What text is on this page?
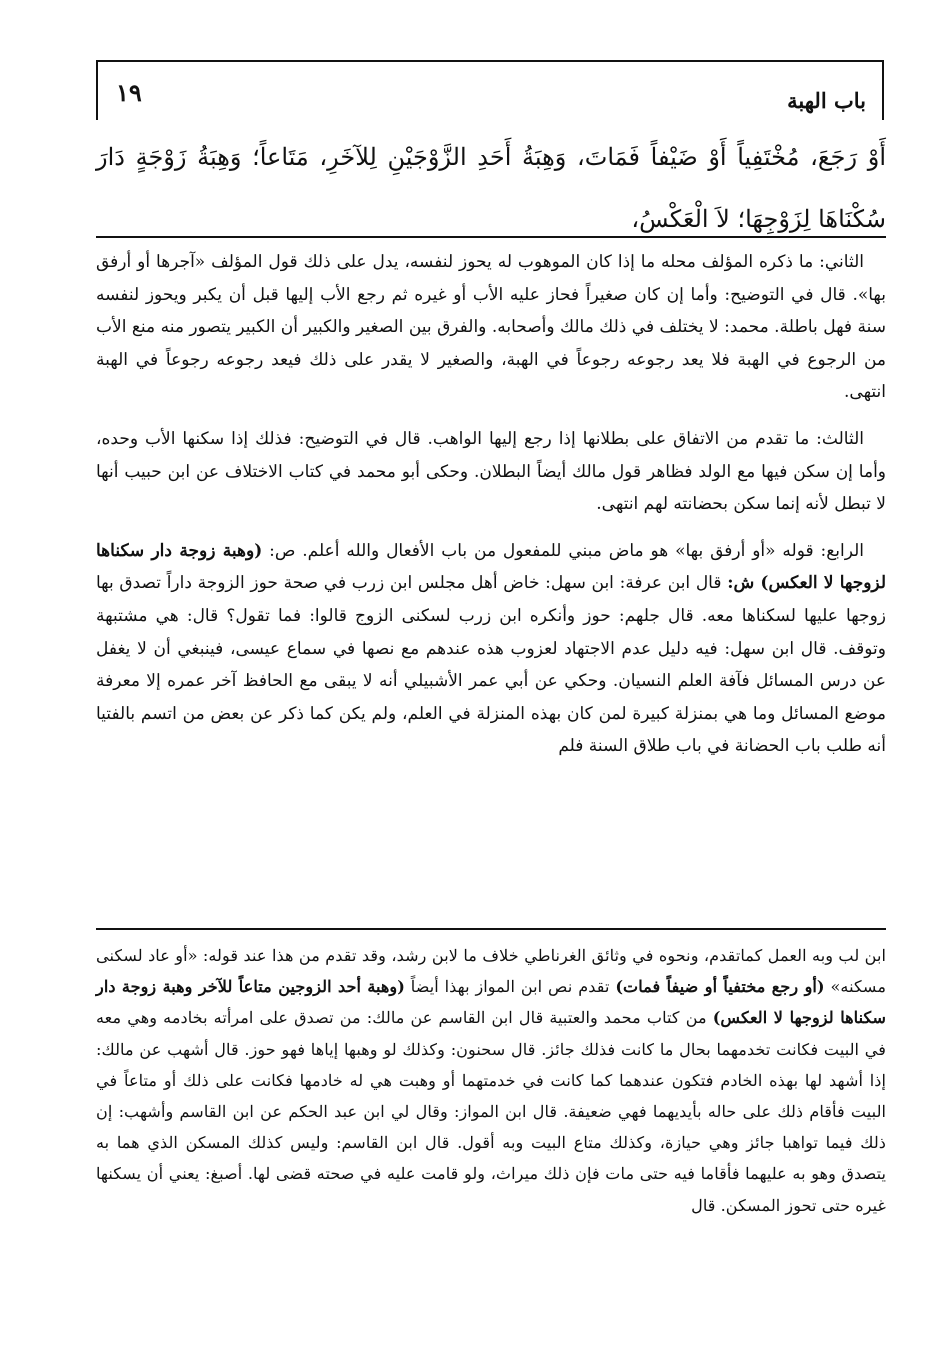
باب الهبة
١٩
أَوْ رَجَعَ، مُخْتَفِياً أَوْ ضَيْفاً فَمَاتَ، وَهِبَةُ أَحَدِ الزَّوْجَيْنِ لِلآخَرِ، مَتَاعاً؛ وَهِبَةُ زَوْجَةٍ دَارَ سُكْنَاهَا لِزَوْجِهَا؛ لاَ الْعَكْسُ،

الثاني: ما ذكره المؤلف محله ما إذا كان الموهوب له يحوز لنفسه، يدل على ذلك قول المؤلف «آجرها أو أرفق بها». قال في التوضيح: وأما إن كان صغيراً فحاز عليه الأب أو غيره ثم رجع الأب إليها قبل أن يكبر ويحوز لنفسه سنة فهل باطلة. محمد: لا يختلف في ذلك مالك وأصحابه. والفرق بين الصغير والكبير أن الكبير يتصور منه منع الأب من الرجوع في الهبة فلا يعد رجوعه رجوعاً في الهبة، والصغير لا يقدر على ذلك فيعد رجوعه رجوعاً في الهبة انتهى.

الثالث: ما تقدم من الاتفاق على بطلانها إذا رجع إليها الواهب. قال في التوضيح: فذلك إذا سكنها الأب وحده، وأما إن سكن فيها مع الولد فظاهر قول مالك أيضاً البطلان. وحكى أبو محمد في كتاب الاختلاف عن ابن حبيب أنها لا تبطل لأنه إنما سكن بحضانته لهم انتهى.

الرابع: قوله «أو أرفق بها» هو ماض مبني للمفعول من باب الأفعال والله أعلم. ص: (وهبة زوجة دار سكناها لزوجها لا العكس) ش: قال ابن عرفة: ابن سهل: خاض أهل مجلس ابن زرب في صحة حوز الزوجة داراً تصدق بها زوجها عليها لسكناها معه. قال جلهم: حوز وأنكره ابن زرب لسكنى الزوج قالوا: فما تقول؟ قال: هي مشتبهة وتوقف. قال ابن سهل: فيه دليل عدم الاجتهاد لعزوب هذه عندهم مع نصها في سماع عيسى، فينبغي أن لا يغفل عن درس المسائل فآفة العلم النسيان. وحكي عن أبي عمر الأشبيلي أنه لا يبقى مع الحافظ آخر عمره إلا معرفة موضع المسائل وما هي بمنزلة كبيرة لمن كان بهذه المنزلة في العلم، ولم يكن كما ذكر عن بعض من اتسم بالفتيا أنه طلب باب الحضانة في باب طلاق السنة فلم

ابن لب وبه العمل كماتقدم، ونحوه في وثائق الغرناطي خلاف ما لابن رشد، وقد تقدم من هذا عند قوله: «أو عاد لسكنى مسكنه» (أو رجع مختفياً أو ضيفاً فمات) تقدم نص ابن المواز بهذا أيضاً (وهبة أحد الزوجين متاعاً للآخر وهبة زوجة دار سكناها لزوجها لا العكس) من كتاب محمد والعتبية قال ابن القاسم عن مالك: من تصدق على امرأته بخادمه وهي معه في البيت فكانت تخدمهما بحال ما كانت فذلك جائز. قال سحنون: وكذلك لو وهبها إياها فهو حوز. قال أشهب عن مالك: إذا أشهد لها بهذه الخادم فتكون عندهما كما كانت في خدمتهما أو وهبت هي له خادمها فكانت على ذلك أو متاعاً في البيت فأقام ذلك على حاله بأيديهما فهي ضعيفة. قال ابن المواز: وقال لي ابن عبد الحكم عن ابن القاسم وأشهب: إن ذلك فيما تواهبا جائز وهي حيازة، وكذلك متاع البيت وبه أقول. قال ابن القاسم: وليس كذلك المسكن الذي هما به يتصدق وهو به عليهما فأقاما فيه حتى مات فإن ذلك ميراث، ولو قامت عليه في صحته قضى لها. أصبغ: يعني أن يسكنها غيره حتى تحوز المسكن. قال
